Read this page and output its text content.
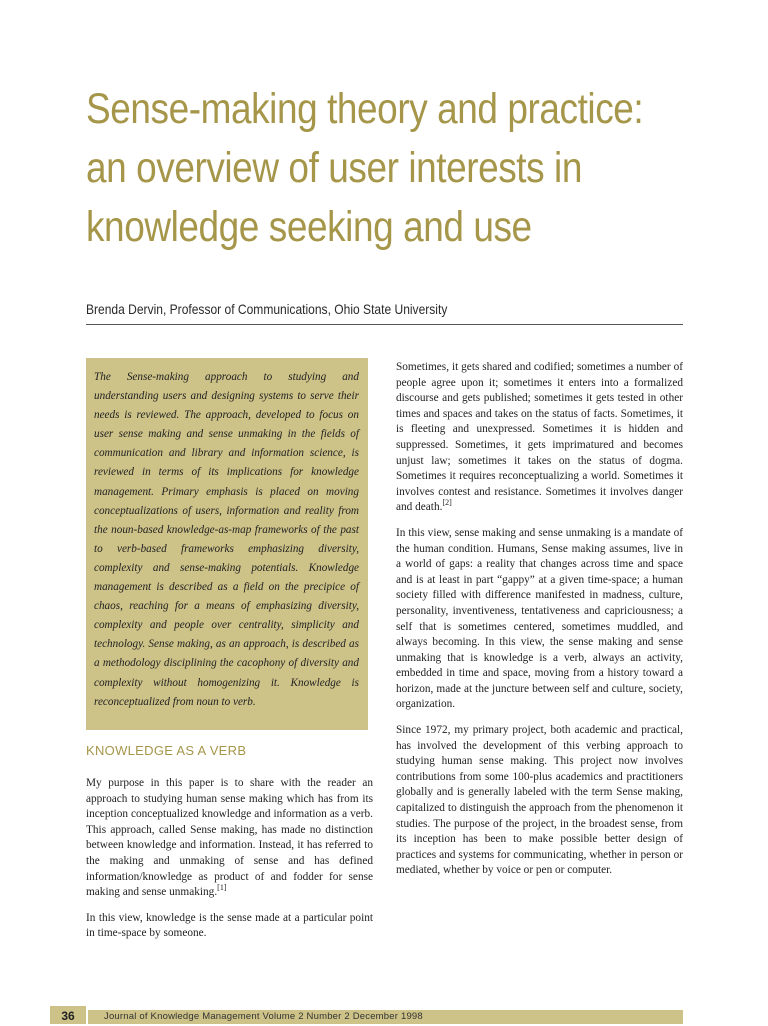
Sense-making theory and practice:
an overview of user interests in
knowledge seeking and use
Brenda Dervin, Professor of Communications, Ohio State University

The Sense-making approach to studying and understanding users and designing systems to serve their needs is reviewed. The approach, developed to focus on user sense making and sense unmaking in the fields of communication and library and information science, is reviewed in terms of its implications for knowledge management. Primary emphasis is placed on moving conceptualizations of users, information and reality from the noun-based knowledge-as-map frameworks of the past to verb-based frameworks emphasizing diversity, complexity and sense-making potentials. Knowledge management is described as a field on the precipice of chaos, reaching for a means of emphasizing diversity, complexity and people over centrality, simplicity and technology. Sense making, as an approach, is described as a methodology disciplining the cacophony of diversity and complexity without homogenizing it. Knowledge is reconceptualized from noun to verb.

KNOWLEDGE AS A VERB

My purpose in this paper is to share with the reader an approach to studying human sense making which has from its inception conceptualized knowledge and information as a verb. This approach, called Sense making, has made no distinction between knowledge and information. Instead, it has referred to the making and unmaking of sense and has defined information/knowledge as product of and fodder for sense making and sense unmaking.[1]

In this view, knowledge is the sense made at a particular point in time-space by someone.

Sometimes, it gets shared and codified; sometimes a number of people agree upon it; sometimes it enters into a formalized discourse and gets published; sometimes it gets tested in other times and spaces and takes on the status of facts. Sometimes, it is fleeting and unexpressed. Sometimes it is hidden and suppressed. Sometimes, it gets imprimatured and becomes unjust law; sometimes it takes on the status of dogma. Sometimes it requires reconceptualizing a world. Sometimes it involves contest and resistance. Sometimes it involves danger and death.[2]

In this view, sense making and sense unmaking is a mandate of the human condition. Humans, Sense making assumes, live in a world of gaps: a reality that changes across time and space and is at least in part “gappy” at a given time-space; a human society filled with difference manifested in madness, culture, personality, inventiveness, tentativeness and capriciousness; a self that is sometimes centered, sometimes muddled, and always becoming. In this view, the sense making and sense unmaking that is knowledge is a verb, always an activity, embedded in time and space, moving from a history toward a horizon, made at the juncture between self and culture, society, organization.

Since 1972, my primary project, both academic and practical, has involved the development of this verbing approach to studying human sense making. This project now involves contributions from some 100-plus academics and practitioners globally and is generally labeled with the term Sense making, capitalized to distinguish the approach from the phenomenon it studies. The purpose of the project, in the broadest sense, from its inception has been to make possible better design of practices and systems for communicating, whether in person or mediated, whether by voice or pen or computer.

36	Journal of Knowledge Management Volume 2 Number 2 December 1998
